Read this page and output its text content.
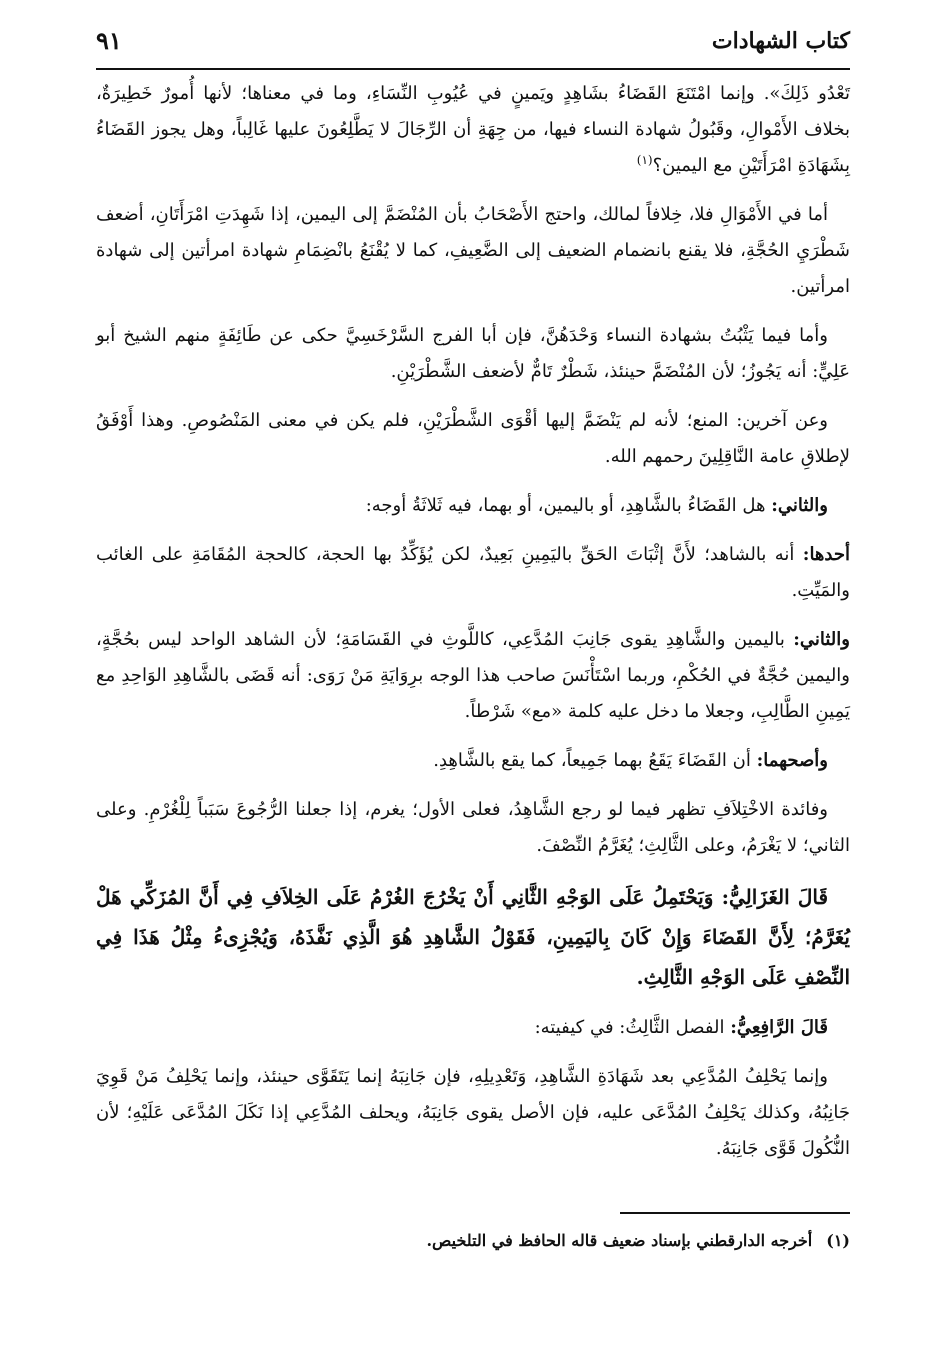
كتاب الشهادات
٩١

تَعْدُو ذَلِكَ». وإنما امْتَنَعَ القَضَاءُ بشَاهِدٍ ويَمينٍ في عُيُوبِ النِّسَاءِ، وما في معناها؛ لأنها أُمورٌ خَطِيرَةٌ، بخلاف الأَمْوالِ، وقَبُولُ شهادة النساء فيها، من جِهَةِ أن الرِّجَالَ لا يَطَّلِعُونَ عليها غَالِباً، وهل يجوز القَضَاءُ بِشَهَادَةِ امْرَأَتَيْنِ مع اليمين؟$^{(١)}$

أما في الأَمْوَالِ فلا، خِلافاً لمالك، واحتج الأَصْحَابُ بأن المُنْضَمَّ إلى اليمين، إذا شَهِدَتِ امْرَأَتَانِ، أضعف شَطْرَيِ الحُجَّةِ، فلا يقنع بانضمام الضعيف إلى الضَّعِيفِ، كما لا يُقْنَعُ بانْضِمَامِ شهادة امرأتين إلى شهادة امرأتين.

وأما فيما يَثْبُتُ بشهادة النساء وَحْدَهُنَّ، فإن أبا الفرج السَّرْخَسِيَّ حكى عن طَائِفَةٍ منهم الشيخ أبو عَلِيٍّ: أنه يَجُوزُ؛ لأن المُنْضَمَّ حينئذ، شَطْرٌ تَامٌّ لأضعف الشَّطْرَيْنِ.

وعن آخرين: المنع؛ لأنه لم يَنْضَمَّ إليها أقْوَى الشَّطْرَيْنِ، فلم يكن في معنى المَنْصُوصِ. وهذا أَوْفَقُ لإطلاقِ عامة النَّاقِلِينَ رحمهم الله.

والثاني: هل القَضَاءُ بالشَّاهِدِ، أو باليمين، أو بهما، فيه ثَلاثَةُ أوجه:

أحدها: أنه بالشاهد؛ لأَنَّ إثْبَاتَ الحَقِّ باليَمِينِ بَعِيدٌ، لكن يُؤَكِّدُ بها الحجة، كالحجة المُقَامَةِ على الغائب والمَيِّتِ.

والثاني: باليمين والشَّاهِدِ يقوى جَانِبَ المُدَّعِي، كاللَّوثِ في القَسَامَةِ؛ لأن الشاهد الواحد ليس بحُجَّةٍ، واليمين حُجَّةٌ في الحُكْمِ، وربما اسْتَأْنَسَ صاحب هذا الوجه برِوَايَةِ مَنْ رَوَى: أنه قَضَى بالشَّاهِدِ الوَاحِدِ مع يَمِينِ الطَّالِبِ، وجعلا ما دخل عليه كلمة «مع» شَرْطاً.

وأصحهما: أن القَضَاءَ يَقَعُ بهما جَمِيعاً، كما يقع بالشَّاهِدِ.

وفائدة الاخْتِلاَفِ تظهر فيما لو رجع الشَّاهِدُ، فعلى الأول؛ يغرم، إذا جعلنا الرُّجُوعَ سَبَباً لِلْغُرْمِ. وعلى الثاني؛ لا يَغْرَمُ، وعلى الثَّالِثِ؛ يُغَرَّمُ النِّصْفَ.

قَالَ الغَزَالِيُّ: وَيَحْتَمِلُ عَلَى الوَجْهِ الثَّانِي أَنْ يَخْرُجَ الغُرْمُ عَلَى الخِلاَفِ فِي أَنَّ المُزَكِّي هَلْ يُغَرَّمُ؛ لِأَنَّ القَضَاءَ وَإِنْ كَانَ بِاليَمِينِ، فَقَوْلُ الشَّاهِدِ هُوَ الَّذِي نَفَّذَهُ، وَيُجْزِىءُ مِثْلُ هَذَا فِي النِّصْفِ عَلَى الوَجْهِ الثَّالِثِ.

قَالَ الرَّافِعِيُّ: الفصل الثَّالِثُ: في كيفيته:

وإنما يَحْلِفُ المُدَّعِي بعد شَهَادَةِ الشَّاهِدِ، وَتَعْدِيلِهِ، فإن جَانِبَهُ إنما يَتَقَوَّى حينئذ، وإنما يَحْلِفُ مَنْ قَوِيَ جَانِبُهُ، وكذلك يَحْلِفُ المُدَّعَى عليه، فإن الأصل يقوى جَانِبَهُ، ويحلف المُدَّعِي إذا نَكَلَ المُدَّعَى عَلَيْهِ؛ لأن النُّكُولَ قَوَّى جَانِبَهُ.

(١)أخرجه الدارقطني بإسناد ضعيف قاله الحافظ في التلخيص.
